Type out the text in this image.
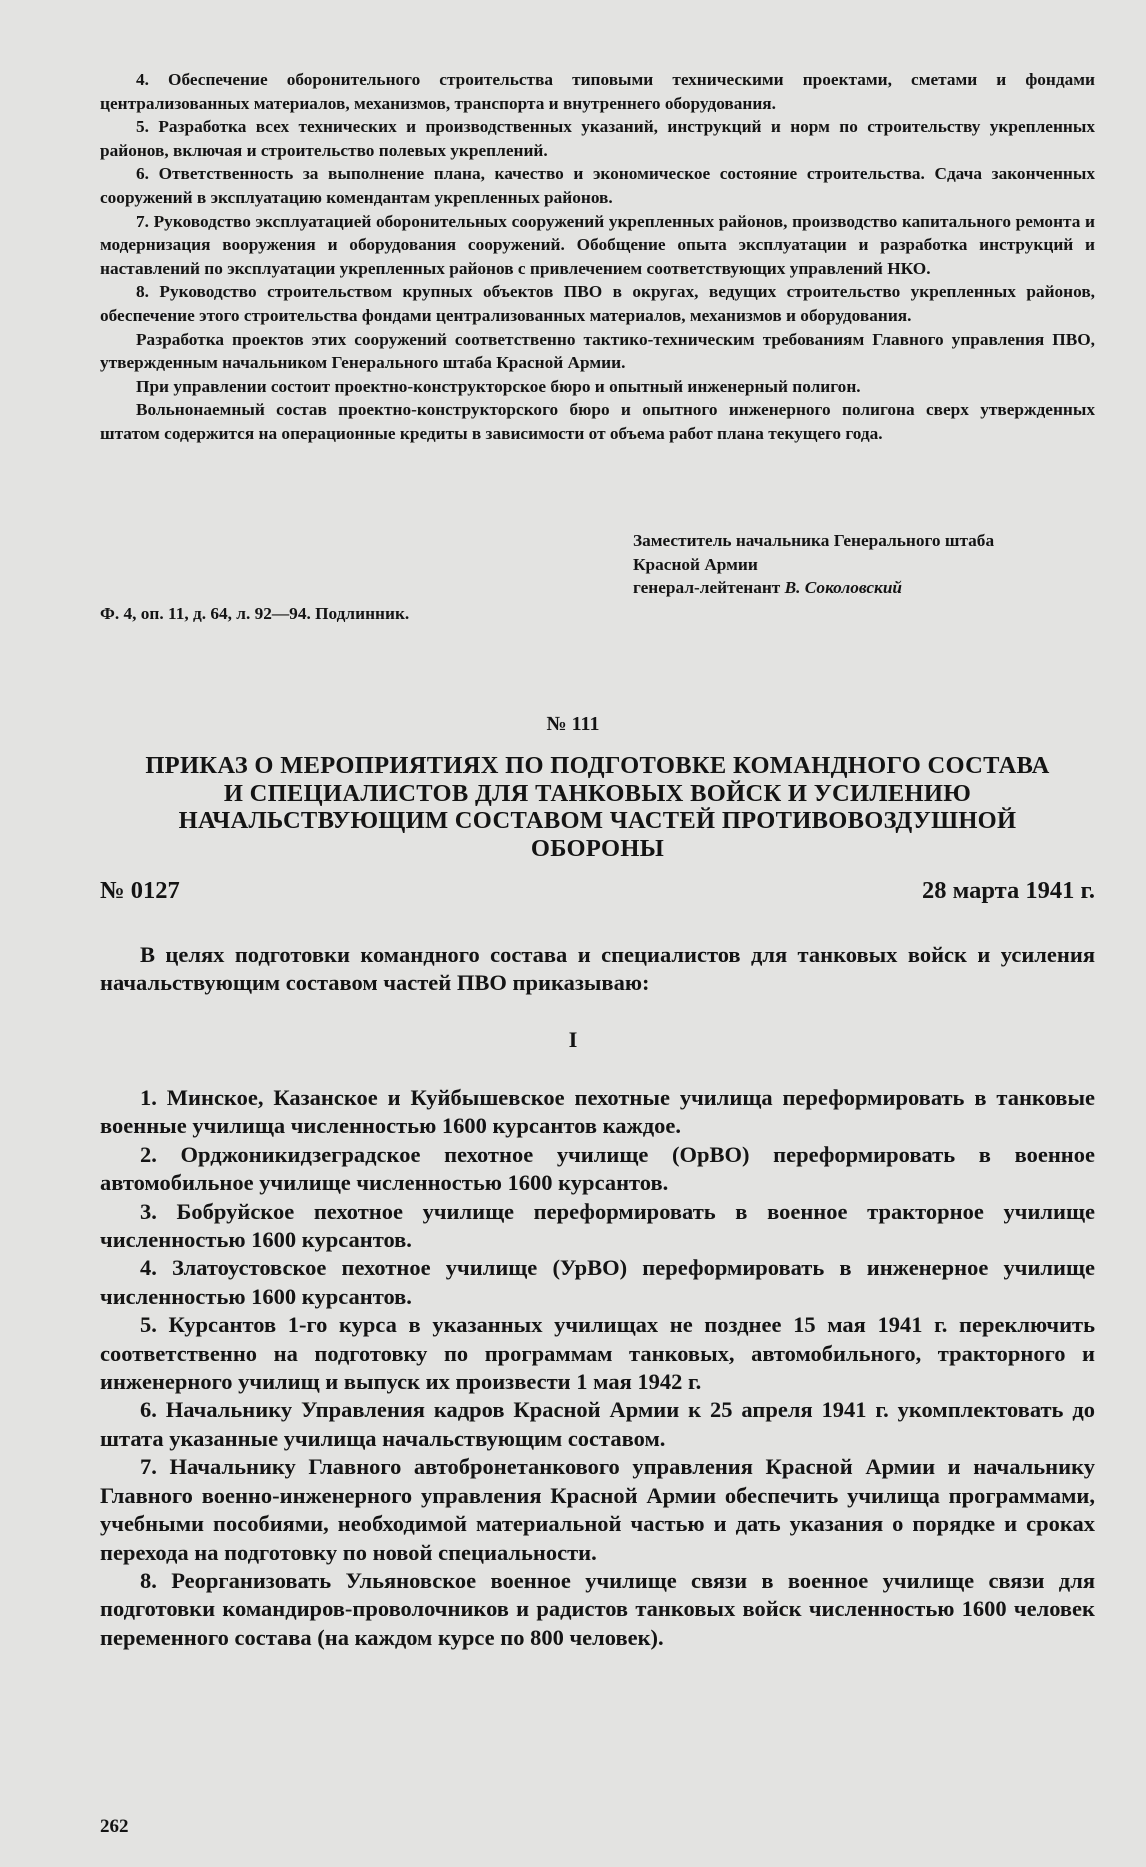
4. Обеспечение оборонительного строительства типовыми техническими проектами, сметами и фондами централизованных материалов, механизмов, транспорта и внутреннего оборудования.

5. Разработка всех технических и производственных указаний, инструкций и норм по строительству укрепленных районов, включая и строительство полевых укреплений.

6. Ответственность за выполнение плана, качество и экономическое состояние строительства. Сдача законченных сооружений в эксплуатацию комендантам укрепленных районов.

7. Руководство эксплуатацией оборонительных сооружений укрепленных районов, производство капитального ремонта и модернизация вооружения и оборудования сооружений. Обобщение опыта эксплуатации и разработка инструкций и наставлений по эксплуатации укрепленных районов с привлечением соответствующих управлений НКО.

8. Руководство строительством крупных объектов ПВО в округах, ведущих строительство укрепленных районов, обеспечение этого строительства фондами централизованных материалов, механизмов и оборудования.

Разработка проектов этих сооружений соответственно тактико-техническим требованиям Главного управления ПВО, утвержденным начальником Генерального штаба Красной Армии.

При управлении состоит проектно-конструкторское бюро и опытный инженерный полигон.

Вольнонаемный состав проектно-конструкторского бюро и опытного инженерного полигона сверх утвержденных штатом содержится на операционные кредиты в зависимости от объема работ плана текущего года.

Заместитель начальника Генерального штаба
Красной Армии
генерал-лейтенант В. Соколовский
Ф. 4, оп. 11, д. 64, л. 92—94. Подлинник.
№ 111
ПРИКАЗ О МЕРОПРИЯТИЯХ ПО ПОДГОТОВКЕ КОМАНДНОГО СОСТАВА
И СПЕЦИАЛИСТОВ ДЛЯ ТАНКОВЫХ ВОЙСК И УСИЛЕНИЮ
НАЧАЛЬСТВУЮЩИМ СОСТАВОМ ЧАСТЕЙ ПРОТИВОВОЗДУШНОЙ
ОБОРОНЫ
№ 0127	28 марта 1941 г.

В целях подготовки командного состава и специалистов для танковых войск и усиления начальствующим составом частей ПВО приказываю:

I

1. Минское, Казанское и Куйбышевское пехотные училища переформировать в танковые военные училища численностью 1600 курсантов каждое.

2. Орджоникидзеградское пехотное училище (ОрВО) переформировать в военное автомобильное училище численностью 1600 курсантов.

3. Бобруйское пехотное училище переформировать в военное тракторное училище численностью 1600 курсантов.

4. Златоустовское пехотное училище (УрВО) переформировать в инженерное училище численностью 1600 курсантов.

5. Курсантов 1-го курса в указанных училищах не позднее 15 мая 1941 г. переключить соответственно на подготовку по программам танковых, автомобильного, тракторного и инженерного училищ и выпуск их произвести 1 мая 1942 г.

6. Начальнику Управления кадров Красной Армии к 25 апреля 1941 г. укомплектовать до штата указанные училища начальствующим составом.

7. Начальнику Главного автобронетанкового управления Красной Армии и начальнику Главного военно-инженерного управления Красной Армии обеспечить училища программами, учебными пособиями, необходимой материальной частью и дать указания о порядке и сроках перехода на подготовку по новой специальности.

8. Реорганизовать Ульяновское военное училище связи в военное училище связи для подготовки командиров-проволочников и радистов танковых войск численностью 1600 человек переменного состава (на каждом курсе по 800 человек).

262
